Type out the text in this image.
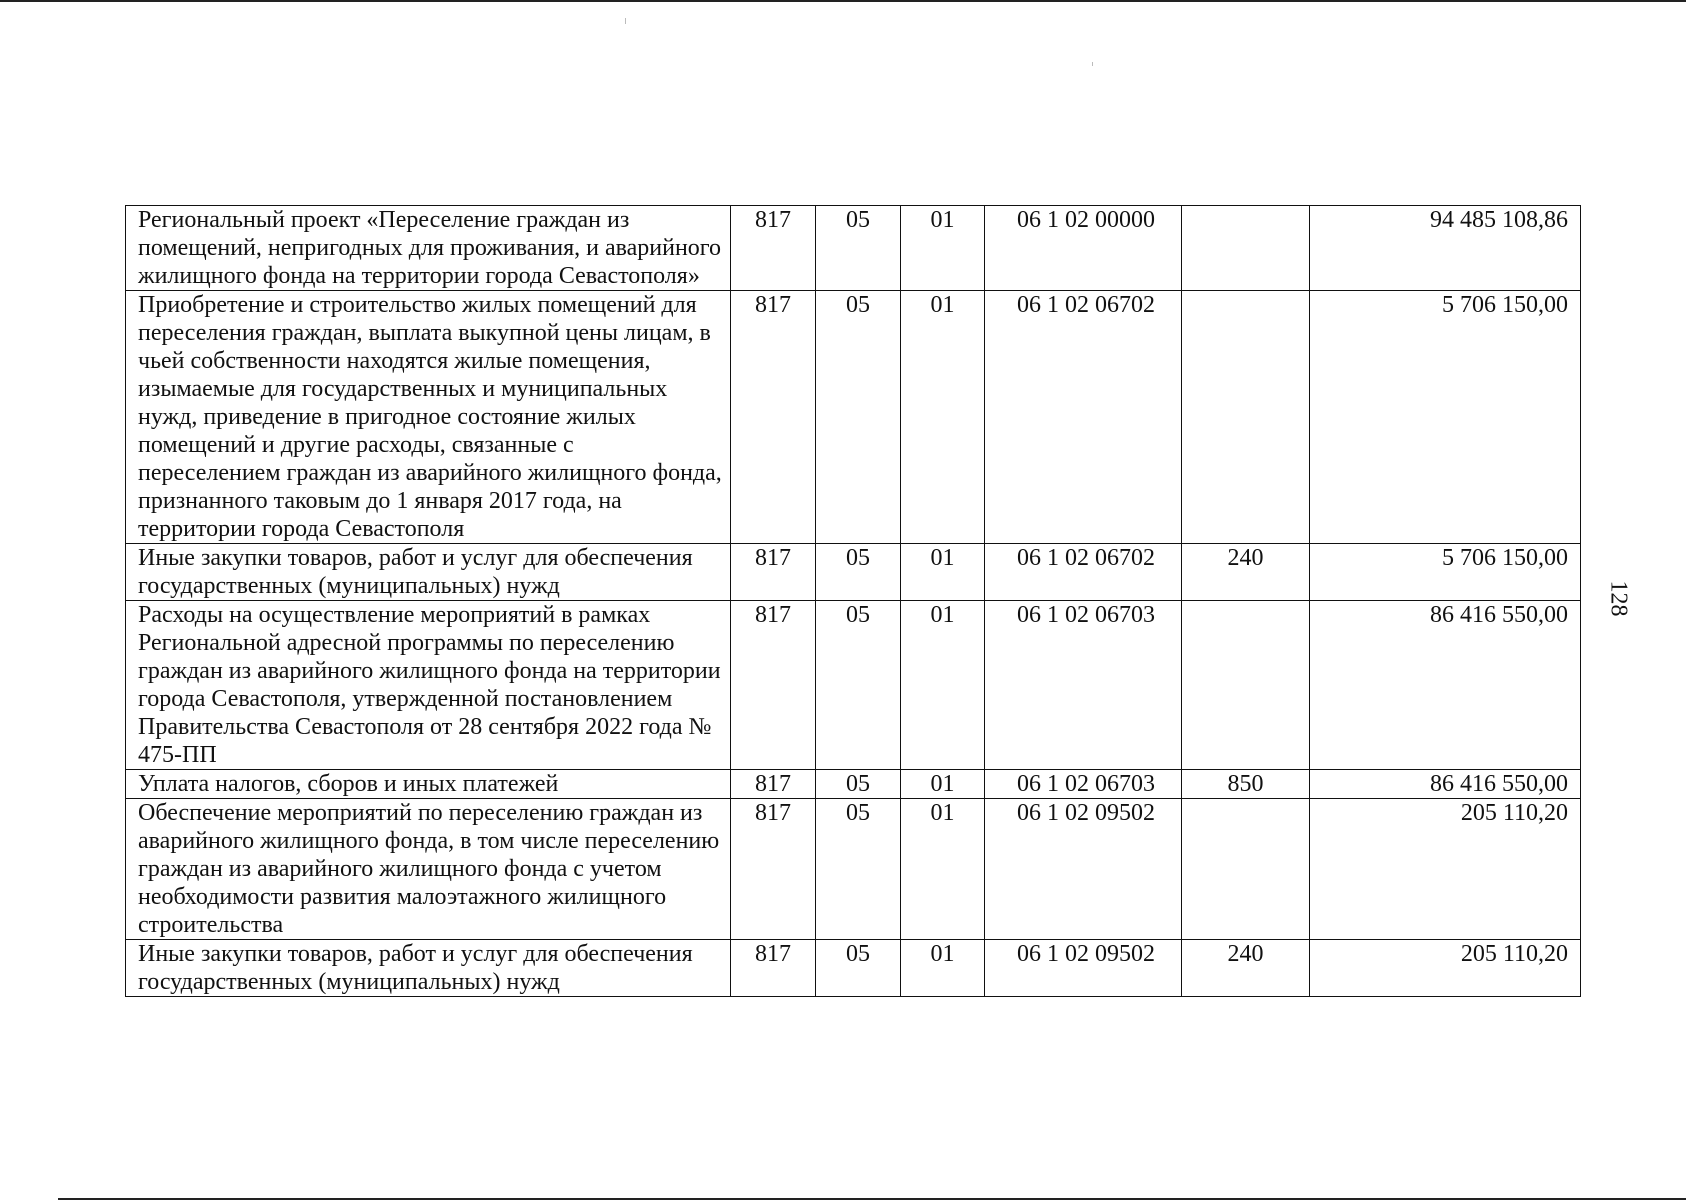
Региональный проект «Переселение граждан из помещений, непригодных для проживания, и аварийного жилищного фонда на территории города Севастополя»	817	05	01	06 1 02 00000		94 485 108,86
Приобретение и строительство жилых помещений для переселения граждан, выплата выкупной цены лицам, в чьей собственности находятся жилые помещения, изымаемые для государственных и муниципальных нужд, приведение в пригодное состояние жилых помещений и другие расходы, связанные с переселением граждан из аварийного жилищного фонда, признанного таковым до 1 января 2017 года, на территории города Севастополя	817	05	01	06 1 02 06702		5 706 150,00
Иные закупки товаров, работ и услуг для обеспечения государственных (муниципальных) нужд	817	05	01	06 1 02 06702	240	5 706 150,00
Расходы на осуществление мероприятий в рамках Региональной адресной программы по переселению граждан из аварийного жилищного фонда на территории города Севастополя, утвержденной постановлением Правительства Севастополя от 28 сентября 2022 года № 475-ПП	817	05	01	06 1 02 06703		86 416 550,00
Уплата налогов, сборов и иных платежей	817	05	01	06 1 02 06703	850	86 416 550,00
Обеспечение мероприятий по переселению граждан из аварийного жилищного фонда, в том числе переселению граждан из аварийного жилищного фонда с учетом необходимости развития малоэтажного жилищного строительства	817	05	01	06 1 02 09502		205 110,20
Иные закупки товаров, работ и услуг для обеспечения государственных (муниципальных) нужд	817	05	01	06 1 02 09502	240	205 110,20
128
